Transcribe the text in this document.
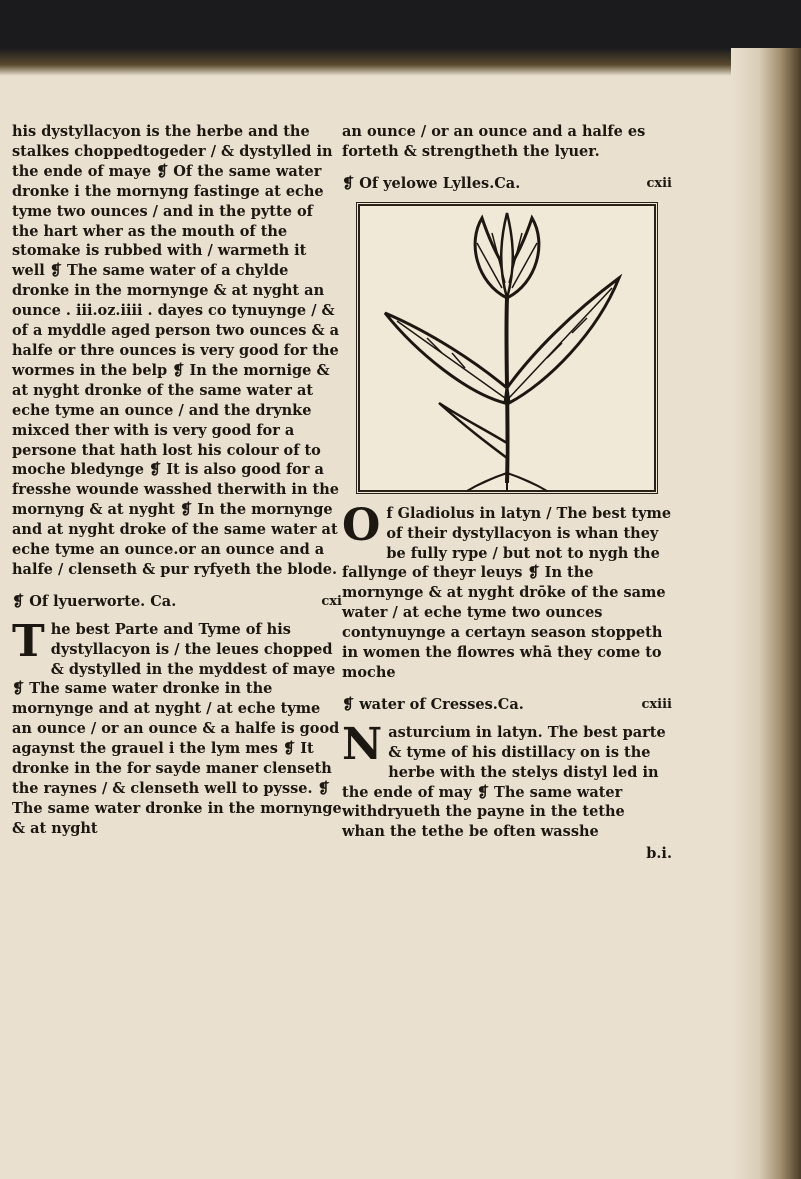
his dystyllacyon is the herbe and the stalkes choppedtogeder / & dystylled in the ende of maye ❡ Of the same water dronke i the mornyng fastinge at eche tyme two ounces / and in the pytte of the hart wher as the mouth of the stomake is rubbed with / warmeth it well ❡ The same water of a chylde dronke in the mornynge & at nyght an ounce . iii.oz.iiii . dayes co tynuynge / & of a myddle aged person two ounces & a halfe or thre ounces is very good for the wormes in the belp ❡ In the mornige & at nyght dronke of the same water at eche tyme an ounce / and the drynke mixced ther with is very good for a persone that hath lost his colour of to moche bledynge ❡ It is also good for a fresshe wounde wasshed therwith in the mornyng & at nyght ❡ In the mornynge and at nyght droke of the same water at eche tyme an ounce.or an ounce and a halfe / clenseth & pur ryfyeth the blode.

❡ Of lyuerworte. Ca.	cxi

T he best Parte and Tyme of his dystyllacyon is / the leues chopped & dystylled in the myddest of maye ❡ The same water dronke in the mornynge and at nyght / at eche tyme an ounce / or an ounce & a halfe is good agaynst the grauel i the lym mes ❡ It dronke in the for sayde maner clenseth the raynes / & clenseth well to pysse. ❡ The same water dronke in the mornynge & at nyght

an ounce / or an ounce and a halfe es forteth & strengtheth the lyuer.

❡ Of yelowe Lylles.Ca.	cxii

O f Gladiolus in latyn / The best tyme of their dystyllacyon is whan they be fully rype / but not to nygh the fallynge of theyr leuys ❡ In the mornynge & at nyght drōke of the same water / at eche tyme two ounces contynuynge a certayn season stoppeth in women the flowres whā they come to moche

❡ water of Cresses.Ca.	cxiii

N asturcium in latyn. The best parte & tyme of his distillacy on is the herbe with the stelys distyl led in the ende of may ❡ The same water withdryueth the payne in the tethe whan the tethe be often wasshe

b.i.
